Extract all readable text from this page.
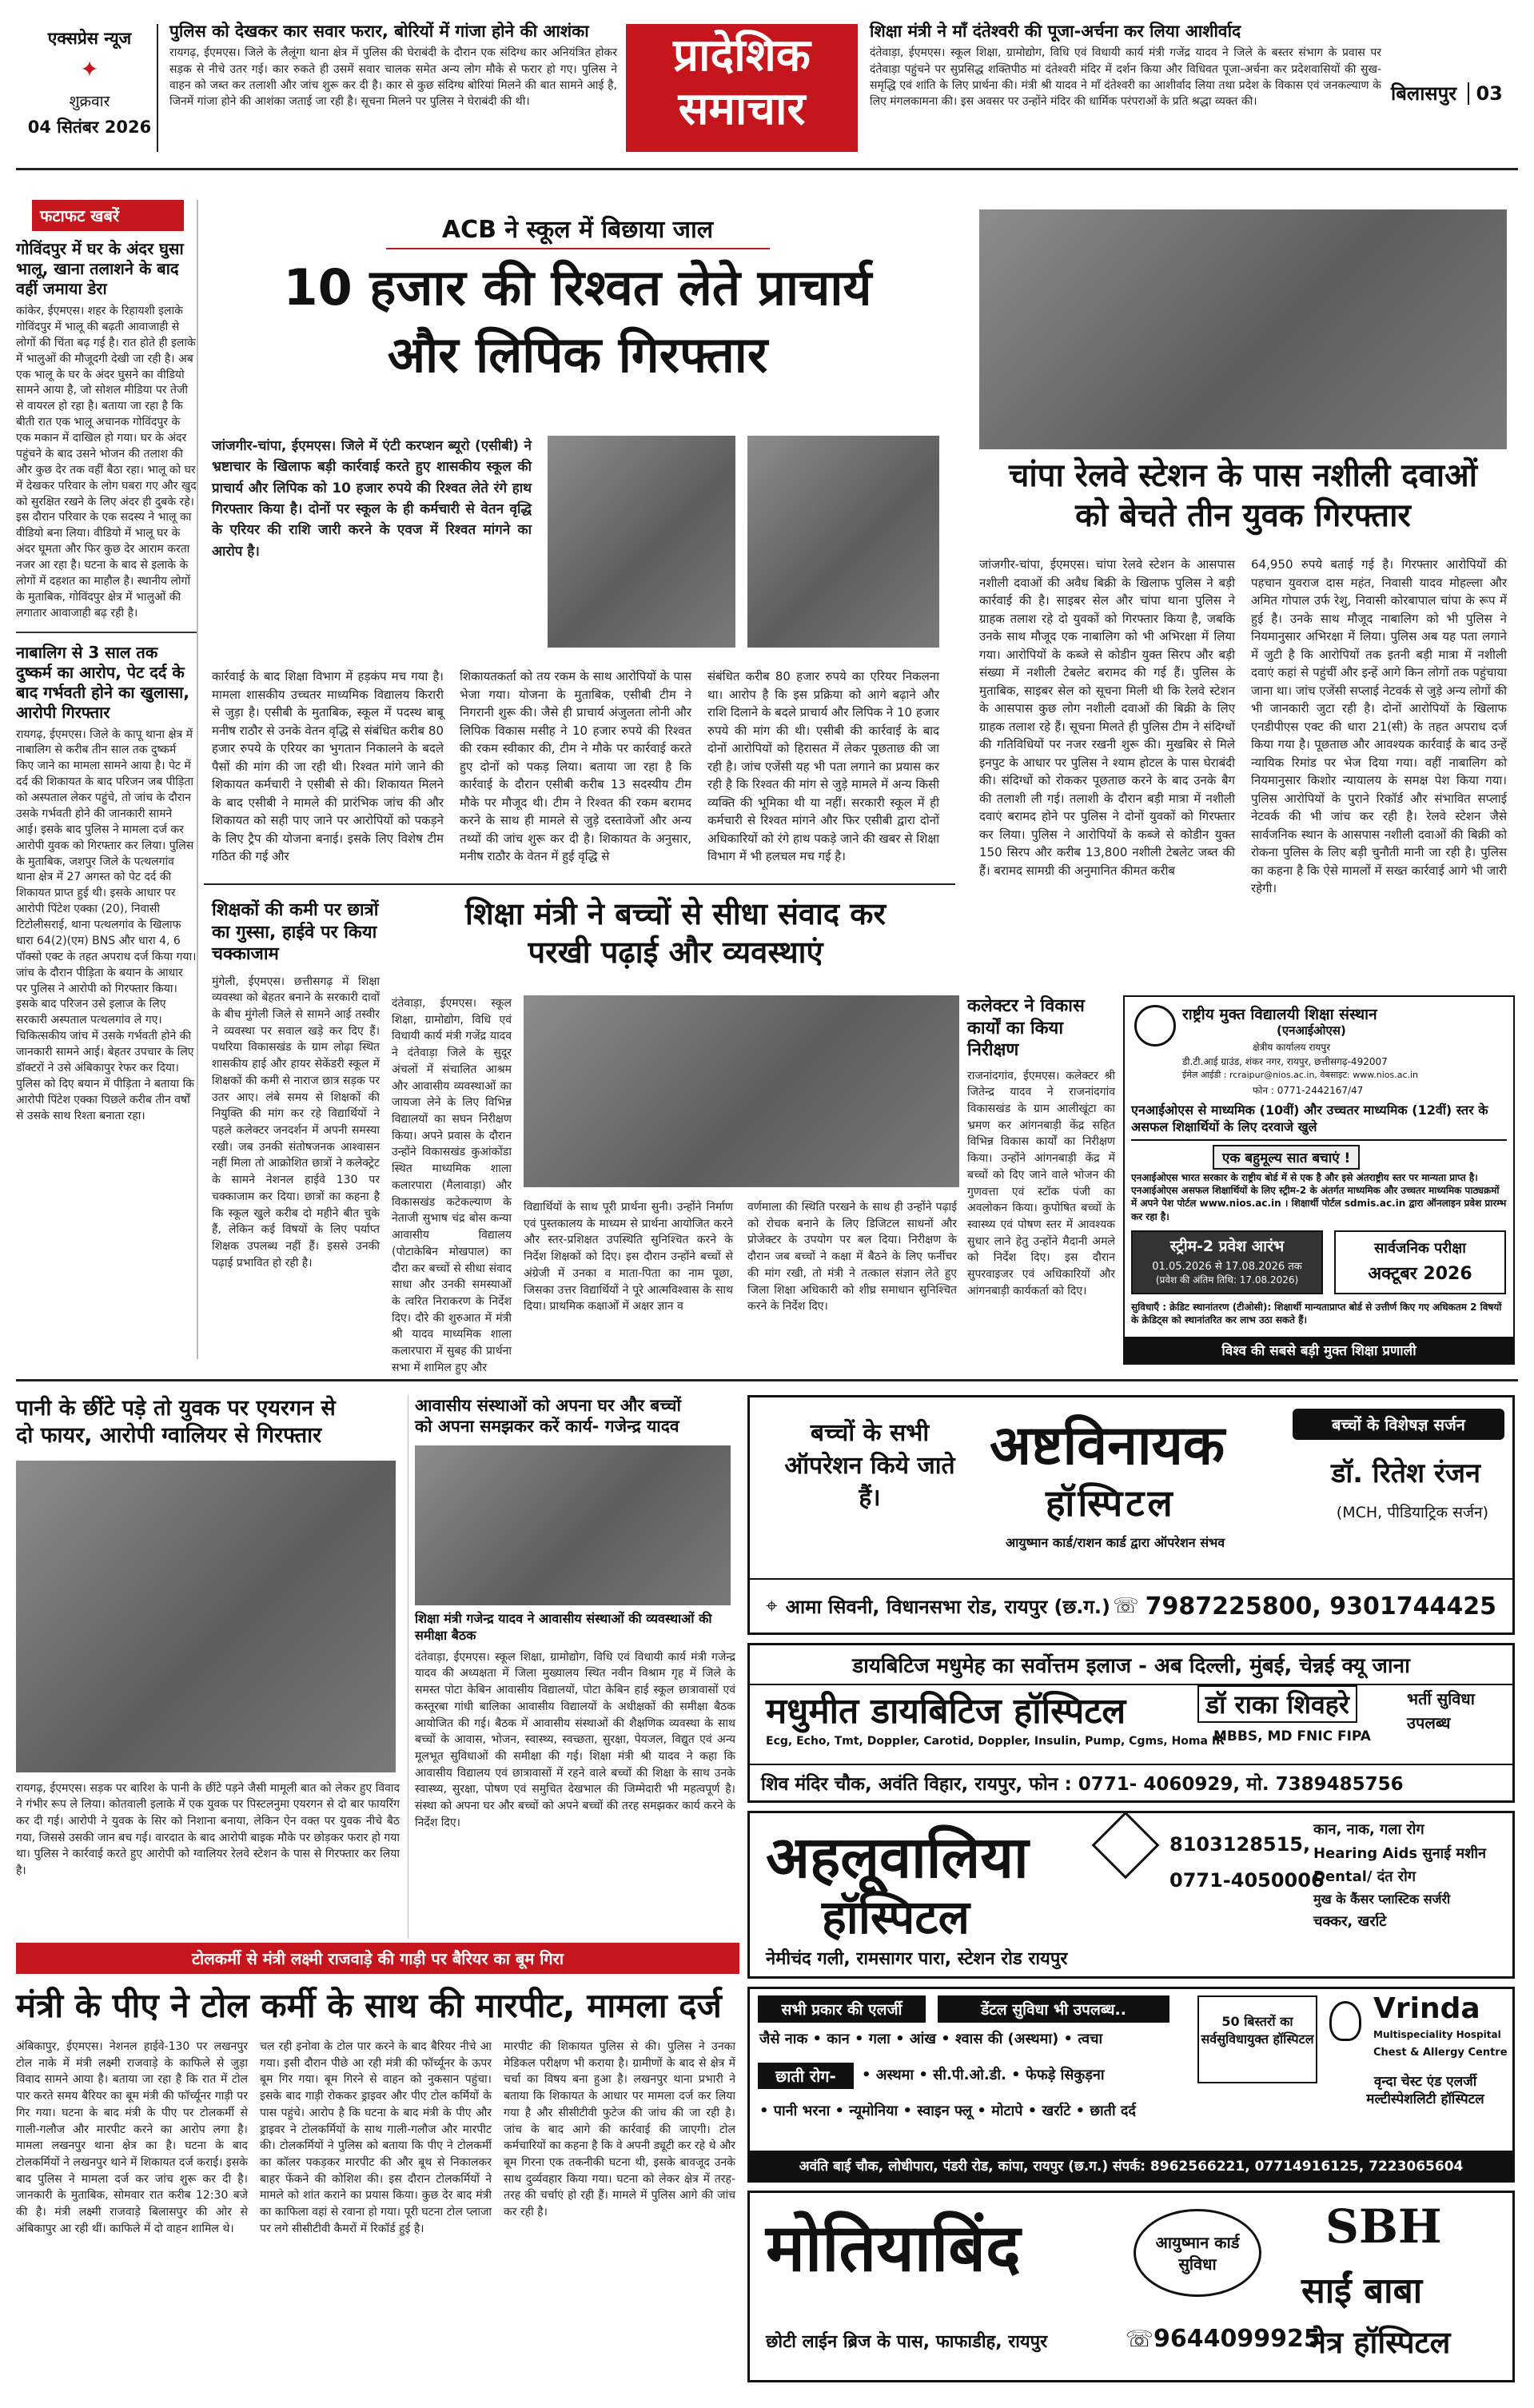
एक्सप्रेस न्यूज
✦
शुक्रवार
04 सितंबर 2026
पुलिस को देखकर कार सवार फरार, बोरियों में गांजा होने की आशंका
रायगढ़, ईएमएस। जिले के लैलूंगा थाना क्षेत्र में पुलिस की घेराबंदी के दौरान एक संदिग्ध कार अनियंत्रित होकर सड़क से नीचे उतर गई। कार रुकते ही उसमें सवार चालक समेत अन्य लोग मौके से फरार हो गए। पुलिस ने वाहन को जब्त कर तलाशी और जांच शुरू कर दी है। कार से कुछ संदिग्ध बोरियां मिलने की बात सामने आई है, जिनमें गांजा होने की आशंका जताई जा रही है। सूचना मिलने पर पुलिस ने घेराबंदी की थी।
प्रादेशिक
समाचार
शिक्षा मंत्री ने माँ दंतेश्वरी की पूजा-अर्चना कर लिया आशीर्वाद
दंतेवाड़ा, ईएमएस। स्कूल शिक्षा, ग्रामोद्योग, विधि एवं विधायी कार्य मंत्री गजेंद्र यादव ने जिले के बस्तर संभाग के प्रवास पर दंतेवाड़ा पहुंचने पर सुप्रसिद्ध शक्तिपीठ मां दंतेश्वरी मंदिर में दर्शन किया और विधिवत पूजा-अर्चना कर प्रदेशवासियों की सुख-समृद्धि एवं शांति के लिए प्रार्थना की। मंत्री श्री यादव ने माँ दंतेश्वरी का आशीर्वाद लिया तथा प्रदेश के विकास एवं जनकल्याण के लिए मंगलकामना की। इस अवसर पर उन्होंने मंदिर की धार्मिक परंपराओं के प्रति श्रद्धा व्यक्त की।	बिलासपुर 03
फटाफट खबरें
गोविंदपुर में घर के अंदर घुसा भालू, खाना तलाशने के बाद वहीं जमाया डेरा
कांकेर, ईएमएस। शहर के रिहायशी इलाके गोविंदपुर में भालू की बढ़ती आवाजाही से लोगों की चिंता बढ़ गई है। रात होते ही इलाके में भालुओं की मौजूदगी देखी जा रही है। अब एक भालू के घर के अंदर घुसने का वीडियो सामने आया है, जो सोशल मीडिया पर तेजी से वायरल हो रहा है। बताया जा रहा है कि बीती रात एक भालू अचानक गोविंदपुर के एक मकान में दाखिल हो गया। घर के अंदर पहुंचने के बाद उसने भोजन की तलाश की और कुछ देर तक वहीं बैठा रहा। भालू को घर में देखकर परिवार के लोग घबरा गए और खुद को सुरक्षित रखने के लिए अंदर ही दुबके रहे। इस दौरान परिवार के एक सदस्य ने भालू का वीडियो बना लिया। वीडियो में भालू घर के अंदर घूमता और फिर कुछ देर आराम करता नजर आ रहा है। घटना के बाद से इलाके के लोगों में दहशत का माहौल है। स्थानीय लोगों के मुताबिक, गोविंदपुर क्षेत्र में भालुओं की लगातार आवाजाही बढ़ रही है।
नाबालिग से 3 साल तक दुष्कर्म का आरोप, पेट दर्द के बाद गर्भवती होने का खुलासा, आरोपी गिरफ्तार
रायगढ़, ईएमएस। जिले के कापू थाना क्षेत्र में नाबालिग से करीब तीन साल तक दुष्कर्म किए जाने का मामला सामने आया है। पेट में दर्द की शिकायत के बाद परिजन जब पीड़िता को अस्पताल लेकर पहुंचे, तो जांच के दौरान उसके गर्भवती होने की जानकारी सामने आई। इसके बाद पुलिस ने मामला दर्ज कर आरोपी युवक को गिरफ्तार कर लिया। पुलिस के मुताबिक, जशपुर जिले के पत्थलगांव थाना क्षेत्र में 27 अगस्त को पेट दर्द की शिकायत प्राप्त हुई थी। इसके आधार पर आरोपी पिंटेश एक्का (20), निवासी टिटोलीसराई, थाना पत्थलगांव के खिलाफ धारा 64(2)(एम) BNS और धारा 4, 6 पॉक्सो एक्ट के तहत अपराध दर्ज किया गया। जांच के दौरान पीड़िता के बयान के आधार पर पुलिस ने आरोपी को गिरफ्तार किया। इसके बाद परिजन उसे इलाज के लिए सरकारी अस्पताल पत्थलगांव ले गए। चिकित्सकीय जांच में उसके गर्भवती होने की जानकारी सामने आई। बेहतर उपचार के लिए डॉक्टरों ने उसे अंबिकापुर रेफर कर दिया। पुलिस को दिए बयान में पीड़िता ने बताया कि आरोपी पिंटेश एक्का पिछले करीब तीन वर्षों से उसके साथ रिश्ता बनाता रहा।
ACB ने स्कूल में बिछाया जाल
10 हजार की रिश्वत लेते प्राचार्य
और लिपिक गिरफ्तार
जांजगीर-चांपा, ईएमएस। जिले में एंटी करप्शन ब्यूरो (एसीबी) ने भ्रष्टाचार के खिलाफ बड़ी कार्रवाई करते हुए शासकीय स्कूल की प्राचार्य और लिपिक को 10 हजार रुपये की रिश्वत लेते रंगे हाथ गिरफ्तार किया है। दोनों पर स्कूल के ही कर्मचारी से वेतन वृद्धि के एरियर की राशि जारी करने के एवज में रिश्वत मांगने का आरोप है।
कार्रवाई के बाद शिक्षा विभाग में हड़कंप मच गया है। मामला शासकीय उच्चतर माध्यमिक विद्यालय किरारी से जुड़ा है। एसीबी के मुताबिक, स्कूल में पदस्थ बाबू मनीष राठौर से उनके वेतन वृद्धि से संबंधित करीब 80 हजार रुपये के एरियर का भुगतान निकालने के बदले पैसों की मांग की जा रही थी। रिश्वत मांगे जाने की शिकायत कर्मचारी ने एसीबी से की। शिकायत मिलने के बाद एसीबी ने मामले की प्रारंभिक जांच की और शिकायत को सही पाए जाने पर आरोपियों को पकड़ने के लिए ट्रैप की योजना बनाई। इसके लिए विशेष टीम गठित की गई और
शिकायतकर्ता को तय रकम के साथ आरोपियों के पास भेजा गया। योजना के मुताबिक, एसीबी टीम ने निगरानी शुरू की। जैसे ही प्राचार्य अंजुलता लोनी और लिपिक विकास मसीह ने 10 हजार रुपये की रिश्वत की रकम स्वीकार की, टीम ने मौके पर कार्रवाई करते हुए दोनों को पकड़ लिया। बताया जा रहा है कि कार्रवाई के दौरान एसीबी करीब 13 सदस्यीय टीम मौके पर मौजूद थी। टीम ने रिश्वत की रकम बरामद करने के साथ ही मामले से जुड़े दस्तावेजों और अन्य तथ्यों की जांच शुरू कर दी है। शिकायत के अनुसार, मनीष राठौर के वेतन में हुई वृद्धि से
संबंधित करीब 80 हजार रुपये का एरियर निकलना था। आरोप है कि इस प्रक्रिया को आगे बढ़ाने और राशि दिलाने के बदले प्राचार्य और लिपिक ने 10 हजार रुपये की मांग की थी। एसीबी की कार्रवाई के बाद दोनों आरोपियों को हिरासत में लेकर पूछताछ की जा रही है। जांच एजेंसी यह भी पता लगाने का प्रयास कर रही है कि रिश्वत की मांग से जुड़े मामले में अन्य किसी व्यक्ति की भूमिका थी या नहीं। सरकारी स्कूल में ही कर्मचारी से रिश्वत मांगने और फिर एसीबी द्वारा दोनों अधिकारियों को रंगे हाथ पकड़े जाने की खबर से शिक्षा विभाग में भी हलचल मच गई है।
चांपा रेलवे स्टेशन के पास नशीली दवाओं
को बेचते तीन युवक गिरफ्तार
जांजगीर-चांपा, ईएमएस। चांपा रेलवे स्टेशन के आसपास नशीली दवाओं की अवैध बिक्री के खिलाफ पुलिस ने बड़ी कार्रवाई की है। साइबर सेल और चांपा थाना पुलिस ने ग्राहक तलाश रहे दो युवकों को गिरफ्तार किया है, जबकि उनके साथ मौजूद एक नाबालिग को भी अभिरक्षा में लिया गया। आरोपियों के कब्जे से कोडीन युक्त सिरप और बड़ी संख्या में नशीली टेबलेट बरामद की गई हैं। पुलिस के मुताबिक, साइबर सेल को सूचना मिली थी कि रेलवे स्टेशन के आसपास कुछ लोग नशीली दवाओं की बिक्री के लिए ग्राहक तलाश रहे हैं। सूचना मिलते ही पुलिस टीम ने संदिग्धों की गतिविधियों पर नजर रखनी शुरू की। मुखबिर से मिले इनपुट के आधार पर पुलिस ने श्याम होटल के पास घेराबंदी की। संदिग्धों को रोककर पूछताछ करने के बाद उनके बैग की तलाशी ली गई। तलाशी के दौरान बड़ी मात्रा में नशीली दवाएं बरामद होने पर पुलिस ने दोनों युवकों को गिरफ्तार कर लिया। पुलिस ने आरोपियों के कब्जे से कोडीन युक्त 150 सिरप और करीब 13,800 नशीली टेबलेट जब्त की हैं। बरामद सामग्री की अनुमानित कीमत करीब
64,950 रुपये बताई गई है। गिरफ्तार आरोपियों की पहचान युवराज दास महंत, निवासी यादव मोहल्ला और अमित गोपाल उर्फ रेशु, निवासी कोरबापाल चांपा के रूप में हुई है। उनके साथ मौजूद नाबालिग को भी पुलिस ने नियमानुसार अभिरक्षा में लिया। पुलिस अब यह पता लगाने में जुटी है कि आरोपियों तक इतनी बड़ी मात्रा में नशीली दवाएं कहां से पहुंचीं और इन्हें आगे किन लोगों तक पहुंचाया जाना था। जांच एजेंसी सप्लाई नेटवर्क से जुड़े अन्य लोगों की भी जानकारी जुटा रही है। दोनों आरोपियों के खिलाफ एनडीपीएस एक्ट की धारा 21(सी) के तहत अपराध दर्ज किया गया है। पूछताछ और आवश्यक कार्रवाई के बाद उन्हें न्यायिक रिमांड पर भेज दिया गया। वहीं नाबालिग को नियमानुसार किशोर न्यायालय के समक्ष पेश किया गया। पुलिस आरोपियों के पुराने रिकॉर्ड और संभावित सप्लाई नेटवर्क की भी जांच कर रही है। रेलवे स्टेशन जैसे सार्वजनिक स्थान के आसपास नशीली दवाओं की बिक्री को रोकना पुलिस के लिए बड़ी चुनौती मानी जा रही है। पुलिस का कहना है कि ऐसे मामलों में सख्त कार्रवाई आगे भी जारी रहेगी।
शिक्षकों की कमी पर छात्रों का गुस्सा, हाईवे पर किया चक्काजाम
मुंगेली, ईएमएस। छत्तीसगढ़ में शिक्षा व्यवस्था को बेहतर बनाने के सरकारी दावों के बीच मुंगेली जिले से सामने आई तस्वीर ने व्यवस्था पर सवाल खड़े कर दिए हैं। पथरिया विकासखंड के ग्राम लोढ़ा स्थित शासकीय हाई और हायर सेकेंडरी स्कूल में शिक्षकों की कमी से नाराज छात्र सड़क पर उतर आए। लंबे समय से शिक्षकों की नियुक्ति की मांग कर रहे विद्यार्थियों ने पहले कलेक्टर जनदर्शन में अपनी समस्या रखी। जब उनकी संतोषजनक आश्वासन नहीं मिला तो आक्रोशित छात्रों ने कलेक्ट्रेट के सामने नेशनल हाईवे 130 पर चक्काजाम कर दिया। छात्रों का कहना है कि स्कूल खुले करीब दो महीने बीत चुके हैं, लेकिन कई विषयों के लिए पर्याप्त शिक्षक उपलब्ध नहीं हैं। इससे उनकी पढ़ाई प्रभावित हो रही है।
शिक्षा मंत्री ने बच्चों से सीधा संवाद कर
परखी पढ़ाई और व्यवस्थाएं
दंतेवाड़ा, ईएमएस। स्कूल शिक्षा, ग्रामोद्योग, विधि एवं विधायी कार्य मंत्री गजेंद्र यादव ने दंतेवाड़ा जिले के सुदूर अंचलों में संचालित आश्रम और आवासीय व्यवस्थाओं का जायजा लेने के लिए विभिन्न विद्यालयों का सघन निरीक्षण किया। अपने प्रवास के दौरान उन्होंने विकासखंड कुआंकोंडा स्थित माध्यमिक शाला कलारपारा (मैलावाड़ा) और विकासखंड कटेकल्याण के नेताजी सुभाष चंद्र बोस कन्या आवासीय विद्यालय (पोटाकेबिन मोखपाल) का दौरा कर बच्चों से सीधा संवाद साधा और उनकी समस्याओं के त्वरित निराकरण के निर्देश दिए। दौरे की शुरुआत में मंत्री श्री यादव माध्यमिक शाला कलारपारा में सुबह की प्रार्थना सभा में शामिल हुए और
विद्यार्थियों के साथ पूरी प्रार्थना सुनी। उन्होंने निर्माण एवं पुस्तकालय के माध्यम से प्रार्थना आयोजित करने और स्तर-प्रशिक्षत उपस्थिति सुनिश्चित करने के निर्देश शिक्षकों को दिए। इस दौरान उन्होंने बच्चों से अंग्रेजी में उनका व माता-पिता का नाम पूछा, जिसका उत्तर विद्यार्थियों ने पूरे आत्मविश्वास के साथ दिया। प्राथमिक कक्षाओं में अक्षर ज्ञान व
वर्णमाला की स्थिति परखने के साथ ही उन्होंने पढ़ाई को रोचक बनाने के लिए डिजिटल साधनों और प्रोजेक्टर के उपयोग पर बल दिया। निरीक्षण के दौरान जब बच्चों ने कक्षा में बैठने के लिए फर्नीचर की मांग रखी, तो मंत्री ने तत्काल संज्ञान लेते हुए जिला शिक्षा अधिकारी को शीघ्र समाधान सुनिश्चित करने के निर्देश दिए।
कलेक्टर ने विकास कार्यों का किया निरीक्षण
राजनांदगांव, ईएमएस। कलेक्टर श्री जितेन्द्र यादव ने राजनांदगांव विकासखंड के ग्राम आलीखूंटा का भ्रमण कर आंगनबाड़ी केंद्र सहित विभिन्न विकास कार्यों का निरीक्षण किया। उन्होंने आंगनबाड़ी केंद्र में बच्चों को दिए जाने वाले भोजन की गुणवत्ता एवं स्टॉक पंजी का अवलोकन किया। कुपोषित बच्चों के स्वास्थ्य एवं पोषण स्तर में आवश्यक सुधार लाने हेतु उन्होंने मैदानी अमले को निर्देश दिए। इस दौरान सुपरवाइजर एवं अधिकारियों और आंगनबाड़ी कार्यकर्ता को दिए।
राष्ट्रीय मुक्त विद्यालयी शिक्षा संस्थान
(एनआईओएस)
क्षेत्रीय कार्यालय रायपुर
डी.टी.आई ग्राउंड, शंकर नगर, रायपुर, छत्तीसगढ़-492007
ईमेल आईडी : rcraipur@nios.ac.in, वेबसाइट: www.nios.ac.in
फोन : 0771-2442167/47
एनआईओएस से माध्यमिक (10वीं) और उच्चतर माध्यमिक (12वीं) स्तर के असफल शिक्षार्थियों के लिए दरवाजे खुले
एक बहुमूल्य सात बचाएं !
एनआईओएस भारत सरकार के राष्ट्रीय बोर्ड में से एक है और इसे अंतराष्ट्रीय स्तर पर मान्यता प्राप्त है। एनआईओएस असफल शिक्षार्थियों के लिए स्ट्रीम-2 के अंतर्गत माध्यमिक और उच्चतर माध्यमिक पाठ्यक्रमों में अपने पेश पोर्टल www.nios.ac.in । शिक्षार्थी पोर्टल sdmis.ac.in द्वारा ऑनलाइन प्रवेश प्रारम्भ कर रहा है।
स्ट्रीम-2 प्रवेश आरंभ
01.05.2026 से 17.08.2026 तक
(प्रवेश की अंतिम तिथि: 17.08.2026)
सार्वजनिक परीक्षा
अक्टूबर 2026
सुविधाएँ : क्रेडिट स्थानांतरण (टीओसी): शिक्षार्थी मान्यताप्राप्त बोर्ड से उत्तीर्ण किए गए अधिकतम 2 विषयों के क्रेडिट्स को स्थानांतरित कर लाभ उठा सकते हैं।
विश्व की सबसे बड़ी मुक्त शिक्षा प्रणाली
पानी के छींटे पड़े तो युवक पर एयरगन से
दो फायर, आरोपी ग्वालियर से गिरफ्तार
रायगढ़, ईएमएस। सड़क पर बारिश के पानी के छींटे पड़ने जैसी मामूली बात को लेकर हुए विवाद ने गंभीर रूप ले लिया। कोतवाली इलाके में एक युवक पर पिस्टलनुमा एयरगन से दो बार फायरिंग कर दी गई। आरोपी ने युवक के सिर को निशाना बनाया, लेकिन ऐन वक्त पर युवक नीचे बैठ गया, जिससे उसकी जान बच गई। वारदात के बाद आरोपी बाइक मौके पर छोड़कर फरार हो गया था। पुलिस ने कार्रवाई करते हुए आरोपी को ग्वालियर रेलवे स्टेशन के पास से गिरफ्तार कर लिया है।
आवासीय संस्थाओं को अपना घर और बच्चों
को अपना समझकर करें कार्य- गजेन्द्र यादव
शिक्षा मंत्री गजेन्द्र यादव ने आवासीय संस्थाओं की व्यवस्थाओं की समीक्षा बैठक
दंतेवाड़ा, ईएमएस। स्कूल शिक्षा, ग्रामोद्योग, विधि एवं विधायी कार्य मंत्री गजेन्द्र यादव की अध्यक्षता में जिला मुख्यालय स्थित नवीन विश्राम गृह में जिले के समस्त पोटा केबिन आवासीय विद्यालयों, पोटा केबिन हाई स्कूल छात्रावासों एवं कस्तूरबा गांधी बालिका आवासीय विद्यालयों के अधीक्षकों की समीक्षा बैठक आयोजित की गई। बैठक में आवासीय संस्थाओं की शैक्षणिक व्यवस्था के साथ बच्चों के आवास, भोजन, स्वास्थ्य, स्वच्छता, सुरक्षा, पेयजल, विद्युत एवं अन्य मूलभूत सुविधाओं की समीक्षा की गई। शिक्षा मंत्री श्री यादव ने कहा कि आवासीय विद्यालय एवं छात्रावासों में रहने वाले बच्चों की शिक्षा के साथ उनके स्वास्थ्य, सुरक्षा, पोषण एवं समुचित देखभाल की जिम्मेदारी भी महत्वपूर्ण है। संस्था को अपना घर और बच्चों को अपने बच्चों की तरह समझकर कार्य करने के निर्देश दिए।
बच्चों के सभी ऑपरेशन किये जाते हैं।
अष्टविनायक
हॉस्पिटल
आयुष्मान कार्ड/राशन कार्ड द्वारा ऑपरेशन संभव
बच्चों के विशेषज्ञ सर्जन
डॉ. रितेश रंजन
(MCH, पीडियाट्रिक सर्जन)
⌖ आमा सिवनी, विधानसभा रोड, रायपुर (छ.ग.) ☏ 7987225800, 9301744425
डायबिटिज मधुमेह का सर्वोत्तम इलाज - अब दिल्ली, मुंबई, चेन्नई क्यू जाना
मधुमीत डायबिटिज हॉस्पिटल
Ecg, Echo, Tmt, Doppler, Carotid, Doppler, Insulin, Pump, Cgms, Homa IR
डॉ राका शिवहरे
MBBS, MD FNIC FIPA
भर्ती सुविधा उपलब्ध
शिव मंदिर चौक, अवंति विहार, रायपुर, फोन : 0771- 4060929, मो. 7389485756
अहलूवालिया
हॉस्पिटल
8103128515,
0771-4050006
कान, नाक, गला रोग
Hearing Aids सुनाई मशीन
Dental/ दंत रोग
मुख के कैंसर प्लास्टिक सर्जरी
चक्कर, खर्राटे
नेमीचंद गली, रामसागर पारा, स्टेशन रोड रायपुर
सभी प्रकार की एलर्जी	डेंटल सुविधा भी उपलब्ध..
जैसे नाक • कान • गला • आंख • श्वास की (अस्थमा) • त्वचा
छाती रोग-	• अस्थमा • सी.पी.ओ.डी. • फेफड़े सिकुड़ना
• पानी भरना • न्यूमोनिया • स्वाइन फ्लू • मोटापे • खर्राटे • छाती दर्द
50 बिस्तरों का सर्वसुविधायुक्त हॉस्पिटल
Vrinda
Multispeciality Hospital
Chest & Allergy Centre
वृन्दा चेस्ट एंड एलर्जी मल्टीस्पेशलिटी हॉस्पिटल
अवंति बाई चौक, लोधीपारा, पंडरी रोड, कांपा, रायपुर (छ.ग.) संपर्क: 8962566221, 07714916125, 7223065604
मोतियाबिंद	आयुष्मान कार्ड सुविधा
छोटी लाईन ब्रिज के पास, फाफाडीह, रायपुर	☏ 9644099925
SBH
साईं बाबा
नेत्र हॉस्पिटल
टोलकर्मी से मंत्री लक्ष्मी राजवाड़े की गाड़ी पर बैरियर का बूम गिरा
मंत्री के पीए ने टोल कर्मी के साथ की मारपीट, मामला दर्ज
अंबिकापुर, ईएमएस। नेशनल हाईवे-130 पर लखनपुर टोल नाके में मंत्री लक्ष्मी राजवाड़े के काफिले से जुड़ा विवाद सामने आया है। बताया जा रहा है कि रात में टोल पार करते समय बैरियर का बूम मंत्री की फॉर्च्यूनर गाड़ी पर गिर गया। घटना के बाद मंत्री के पीए पर टोलकर्मी से गाली-गलौज और मारपीट करने का आरोप लगा है। मामला लखनपुर थाना क्षेत्र का है। घटना के बाद टोलकर्मियों ने लखनपुर थाने में शिकायत दर्ज कराई। इसके बाद पुलिस ने मामला दर्ज कर जांच शुरू कर दी है। जानकारी के मुताबिक, सोमवार रात करीब 12:30 बजे की है। मंत्री लक्ष्मी राजवाड़े बिलासपुर की ओर से अंबिकापुर आ रही थीं। काफिले में दो वाहन शामिल थे।
चल रही इनोवा के टोल पार करने के बाद बैरियर नीचे आ गया। इसी दौरान पीछे आ रही मंत्री की फॉर्च्यूनर के ऊपर बूम गिर गया। बूम गिरने से वाहन को नुकसान पहुंचा। इसके बाद गाड़ी रोककर ड्राइवर और पीए टोल कर्मियों के पास पहुंचे। आरोप है कि घटना के बाद मंत्री के पीए और ड्राइवर ने टोलकर्मियों के साथ गाली-गलौज और मारपीट की। टोलकर्मियों ने पुलिस को बताया कि पीए ने टोलकर्मी का कॉलर पकड़कर मारपीट की और बूथ से निकालकर बाहर फेंकने की कोशिश की। इस दौरान टोलकर्मियों ने मामले को शांत कराने का प्रयास किया। कुछ देर बाद मंत्री का काफिला वहां से रवाना हो गया। पूरी घटना टोल प्लाजा पर लगे सीसीटीवी कैमरों में रिकॉर्ड हुई है।
मारपीट की शिकायत पुलिस से की। पुलिस ने उनका मेडिकल परीक्षण भी कराया है। ग्रामीणों के बाद से क्षेत्र में चर्चा का विषय बना हुआ है। लखनपुर थाना प्रभारी ने बताया कि शिकायत के आधार पर मामला दर्ज कर लिया गया है और सीसीटीवी फुटेज की जांच की जा रही है। जांच के बाद आगे की कार्रवाई की जाएगी। टोल कर्मचारियों का कहना है कि वे अपनी ड्यूटी कर रहे थे और बूम गिरना एक तकनीकी घटना थी, इसके बावजूद उनके साथ दुर्व्यवहार किया गया। घटना को लेकर क्षेत्र में तरह-तरह की चर्चाएं हो रही हैं। मामले में पुलिस आगे की जांच कर रही है।
